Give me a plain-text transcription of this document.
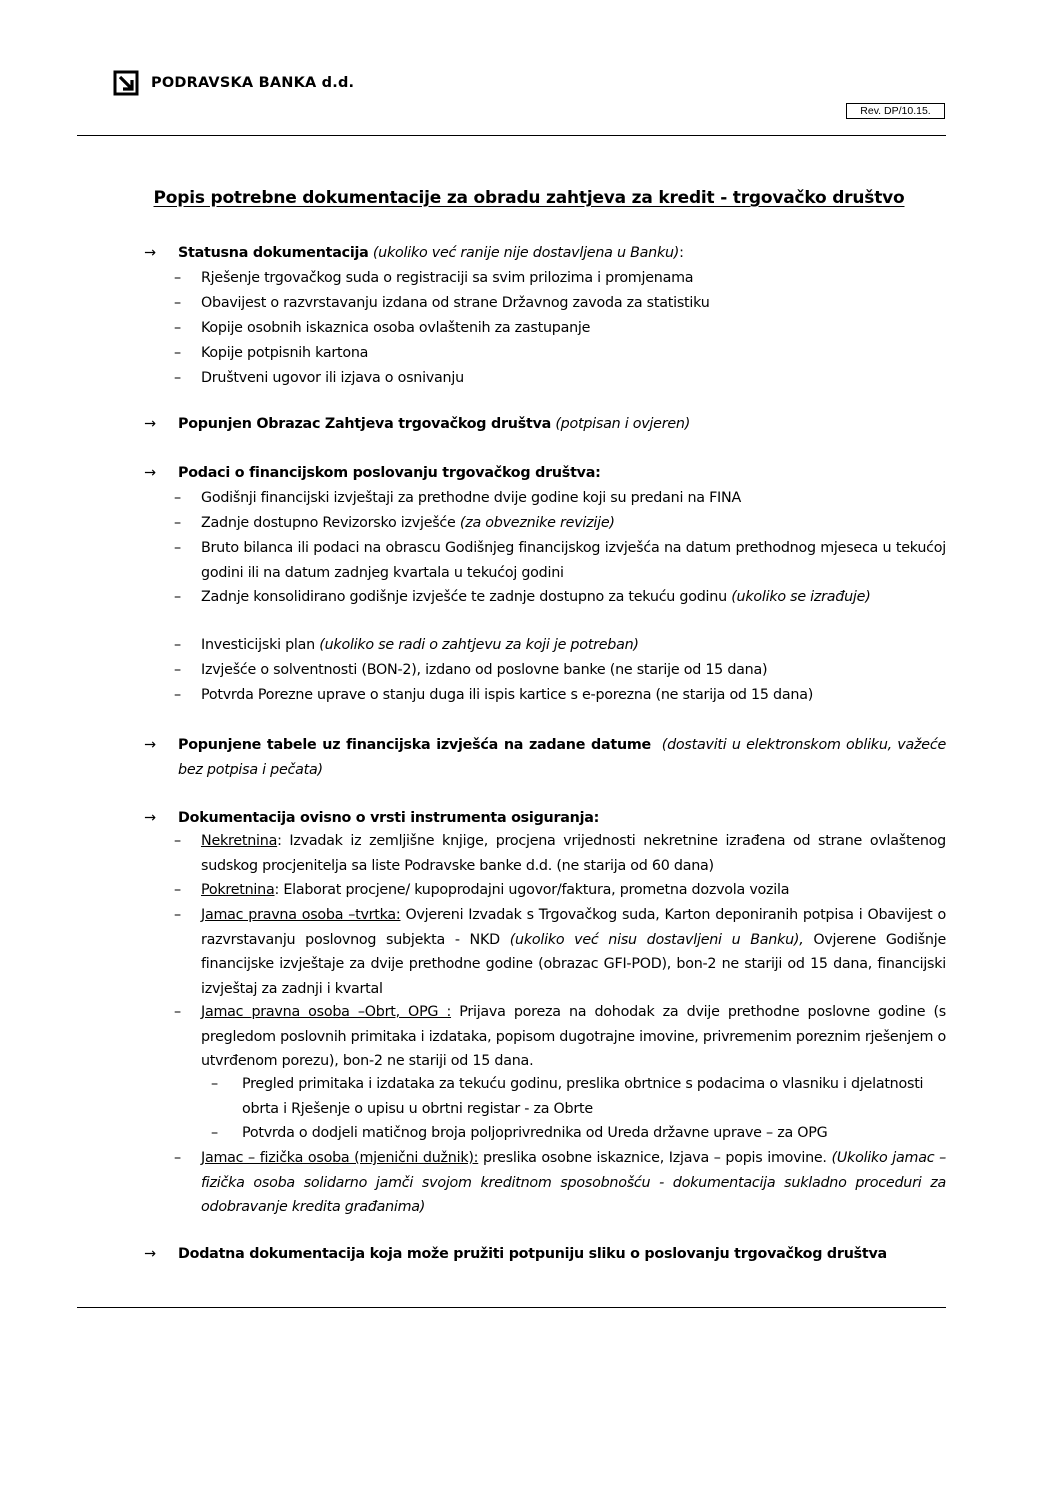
PODRAVSKA BANKA d.d.
Rev. DP/10.15.
Popis potrebne dokumentacije za obradu zahtjeva za kredit - trgovačko društvo
→	Statusna dokumentacija (ukoliko već ranije nije dostavljena u Banku):
– Rješenje trgovačkog suda o registraciji sa svim prilozima i promjenama
– Obavijest o razvrstavanju izdana od strane Državnog zavoda za statistiku
– Kopije osobnih iskaznica osoba ovlaštenih za zastupanje
– Kopije potpisnih kartona
– Društveni ugovor ili izjava o osnivanju
→	Popunjen Obrazac Zahtjeva trgovačkog društva (potpisan i ovjeren)
→	Podaci o financijskom poslovanju trgovačkog društva:
– Godišnji financijski izvještaji za prethodne dvije godine koji su predani na FINA
– Zadnje dostupno Revizorsko izvješće (za obveznike revizije)
– Bruto bilanca ili podaci na obrascu Godišnjeg financijskog izvješća na datum prethodnog mjeseca u tekućoj godini ili na datum zadnjeg kvartala u tekućoj godini
– Zadnje konsolidirano godišnje izvješće te zadnje dostupno za tekuću godinu (ukoliko se izrađuje)
– Investicijski plan (ukoliko se radi o zahtjevu za koji je potreban)
– Izvješće o solventnosti (BON-2), izdano od poslovne banke (ne starije od 15 dana)
– Potvrda Porezne uprave o stanju duga ili ispis kartice s e-porezna (ne starija od 15 dana)
→	Popunjene tabele uz financijska izvješća na zadane datume (dostaviti u elektronskom obliku, važeće bez potpisa i pečata)
→	Dokumentacija ovisno o vrsti instrumenta osiguranja:
– Nekretnina: Izvadak iz zemljišne knjige, procjena vrijednosti nekretnine izrađena od strane ovlaštenog sudskog procjenitelja sa liste Podravske banke d.d. (ne starija od 60 dana)
– Pokretnina: Elaborat procjene/ kupoprodajni ugovor/faktura, prometna dozvola vozila
– Jamac pravna osoba –tvrtka: Ovjereni Izvadak s Trgovačkog suda, Karton deponiranih potpisa i Obavijest o razvrstavanju poslovnog subjekta - NKD (ukoliko već nisu dostavljeni u Banku), Ovjerene Godišnje financijske izvještaje za dvije prethodne godine (obrazac GFI-POD), bon-2 ne stariji od 15 dana, financijski izvještaj za zadnji i kvartal
– Jamac pravna osoba –Obrt, OPG : Prijava poreza na dohodak za dvije prethodne poslovne godine (s pregledom poslovnih primitaka i izdataka, popisom dugotrajne imovine, privremenim poreznim rješenjem o utvrđenom porezu), bon-2 ne stariji od 15 dana.
– Pregled primitaka i izdataka za tekuću godinu, preslika obrtnice s podacima o vlasniku i djelatnosti obrta i Rješenje o upisu u obrtni registar - za Obrte
– Potvrda o dodjeli matičnog broja poljoprivrednika od Ureda državne uprave – za OPG
– Jamac – fizička osoba (mjenični dužnik): preslika osobne iskaznice, Izjava – popis imovine. (Ukoliko jamac – fizička osoba solidarno jamči svojom kreditnom sposobnošću - dokumentacija sukladno proceduri za odobravanje kredita građanima)
→	Dodatna dokumentacija koja može pružiti potpuniju sliku o poslovanju trgovačkog društva
